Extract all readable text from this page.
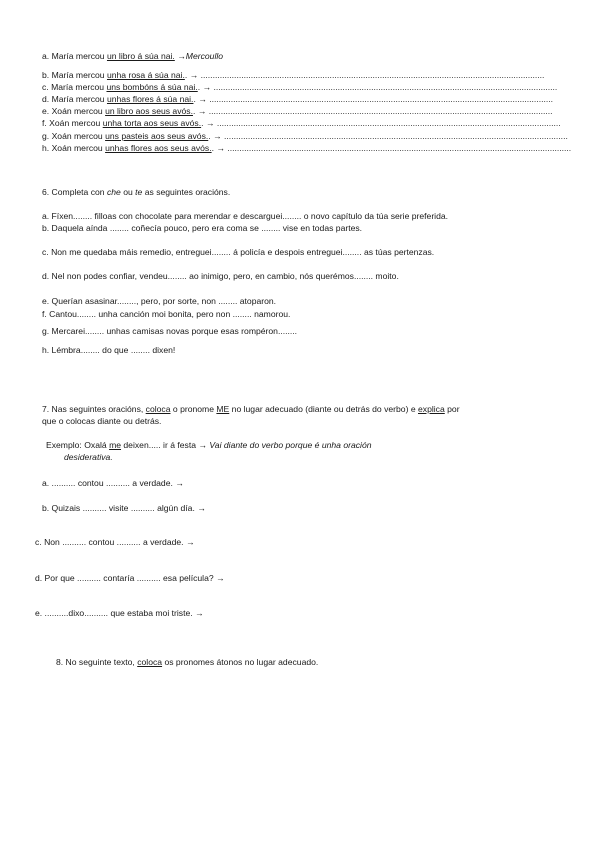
a. María mercou un libro á súa nai. →Mercoullo
b. María mercou unha rosa á súa nai.. → ................................................................................................................................................
c. María mercou uns bombóns á súa nai.. → ................................................................................................................................................
d. María mercou unhas flores á súa nai.. → ................................................................................................................................................
e. Xoán mercou un libro aos seus avós.. → ................................................................................................................................................
f. Xoán mercou unha torta aos seus avós.. → ................................................................................................................................................
g. Xoán mercou uns pasteis aos seus avós.. → ................................................................................................................................................
h. Xoán mercou unhas flores aos seus avós.. → ................................................................................................................................................
6. Completa con che ou te as seguintes oracións.
a. Fíxen........ filloas con chocolate para merendar e descarguei........ o novo capítulo da túa serie preferida.
b. Daquela aínda ........ coñecía pouco, pero era coma se ........ vise en todas partes.
c. Non me quedaba máis remedio, entreguei........ á policía e despois entreguei........ as túas pertenzas.
d. Nel non podes confiar, vendeu........ ao inimigo, pero, en cambio, nós querémos........ moito.
e. Querían asasinar........, pero, por sorte, non ........ atoparon.
f. Cantou........ unha canción moi bonita, pero non ........ namorou.
g. Mercarei........ unhas camisas novas porque esas rompéron........
h. Lémbra........ do que ........ dixen!
7. Nas seguintes oracións, coloca o pronome ME no lugar adecuado (diante ou detrás do verbo) e explica por
que o colocas diante ou detrás.
Exemplo: Oxalá me deixen..... ir á festa → Vai diante do verbo porque é unha oración
desiderativa.
a. .......... contou .......... a verdade. →
b. Quizais .......... visite .......... algún día. →
c. Non .......... contou .......... a verdade. →
d. Por que .......... contaría .......... esa película? →
e. ..........dixo.......... que estaba moi triste. →
8. No seguinte texto, coloca os pronomes átonos no lugar adecuado.
